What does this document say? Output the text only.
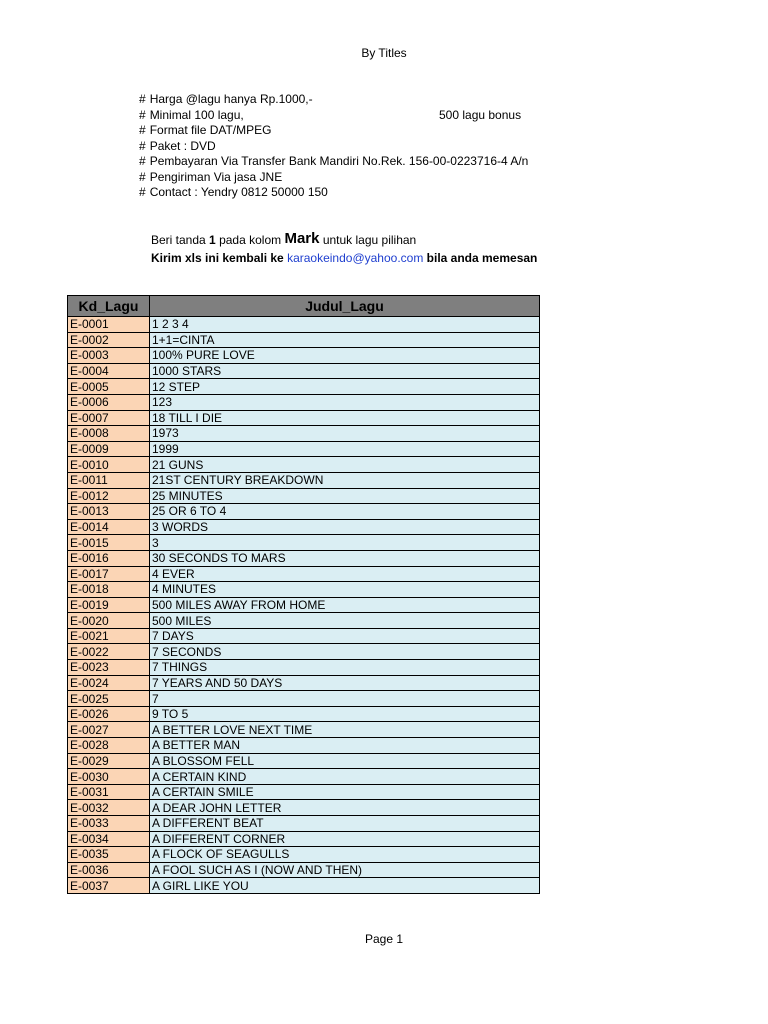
By Titles
# Harga @lagu hanya Rp.1000,-
# Minimal 100 lagu,
# Format file DAT/MPEG
# Paket : DVD
# Pembayaran Via Transfer Bank Mandiri No.Rek. 156-00-0223716-4 A/n
# Pengiriman Via jasa JNE
# Contact : Yendry 0812 50000 150
500 lagu bonus
Beri tanda 1 pada kolom Mark untuk lagu pilihan
Kirim xls ini kembali ke karaokeindo@yahoo.com bila anda memesan
Kd_Lagu	Judul_Lagu
E-0001	1 2 3 4
E-0002	1+1=CINTA
E-0003	100% PURE LOVE
E-0004	1000 STARS
E-0005	12 STEP
E-0006	123
E-0007	18 TILL I DIE
E-0008	1973
E-0009	1999
E-0010	21 GUNS
E-0011	21ST CENTURY BREAKDOWN
E-0012	25 MINUTES
E-0013	25 OR 6 TO 4
E-0014	3 WORDS
E-0015	3
E-0016	30 SECONDS TO MARS
E-0017	4 EVER
E-0018	4 MINUTES
E-0019	500 MILES AWAY FROM HOME
E-0020	500 MILES
E-0021	7 DAYS
E-0022	7 SECONDS
E-0023	7 THINGS
E-0024	7 YEARS AND 50 DAYS
E-0025	7
E-0026	9 TO 5
E-0027	A BETTER LOVE NEXT TIME
E-0028	A BETTER MAN
E-0029	A BLOSSOM FELL
E-0030	A CERTAIN KIND
E-0031	A CERTAIN SMILE
E-0032	A DEAR JOHN LETTER
E-0033	A DIFFERENT BEAT
E-0034	A DIFFERENT CORNER
E-0035	A FLOCK OF SEAGULLS
E-0036	A FOOL SUCH AS I (NOW AND THEN)
E-0037	A GIRL LIKE YOU
Page 1
